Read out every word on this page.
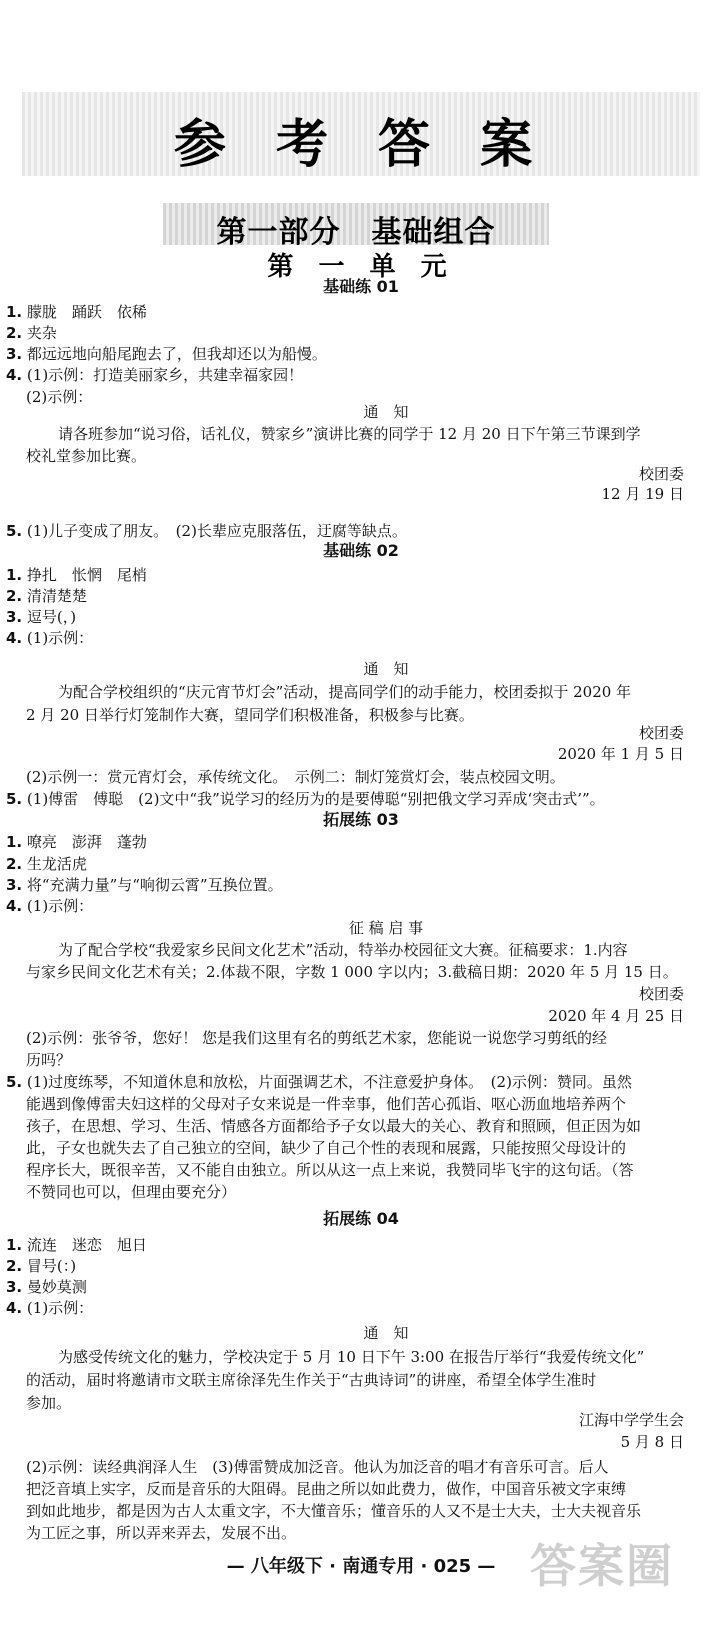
参 考 答 案
第一部分　基础组合
第 一 单 元
基础练 01
1. 朦胧　踊跃　依稀
2. 夹杂
3. 都远远地向船尾跑去了，但我却还以为船慢。
4. (1)示例：打造美丽家乡，共建幸福家园！
(2)示例：
通　知
请各班参加“说习俗，话礼仪，赞家乡”演讲比赛的同学于 12 月 20 日下午第三节课到学
校礼堂参加比赛。
校团委
12 月 19 日
5. (1)儿子变成了朋友。　(2)长辈应克服落伍，迂腐等缺点。
基础练 02
1. 挣扎　怅惘　尾梢
2. 清清楚楚
3. 逗号(，)
4. (1)示例：
通　知
为配合学校组织的“庆元宵节灯会”活动，提高同学们的动手能力，校团委拟于 2020 年
2 月 20 日举行灯笼制作大赛，望同学们积极准备，积极参与比赛。
校团委
2020 年 1 月 5 日
(2)示例一：赏元宵灯会，承传统文化。　示例二：制灯笼赏灯会，装点校园文明。
5. (1)傅雷　傅聪　(2)文中“我”说学习的经历为的是要傅聪“别把俄文学习弄成‘突击式’”。
拓展练 03
1. 嘹亮　澎湃　蓬勃
2. 生龙活虎
3. 将“充满力量”与“响彻云霄”互换位置。
4. (1)示例：
征 稿 启 事
为了配合学校“我爱家乡民间文化艺术”活动，特举办校园征文大赛。征稿要求：1.内容
与家乡民间文化艺术有关；2.体裁不限，字数 1 000 字以内；3.截稿日期：2020 年 5 月 15 日。
校团委
2020 年 4 月 25 日
(2)示例：张爷爷，您好！ 您是我们这里有名的剪纸艺术家，您能说一说您学习剪纸的经
历吗？
5. (1)过度练琴，不知道休息和放松，片面强调艺术，不注意爱护身体。　(2)示例：赞同。虽然
能遇到像傅雷夫妇这样的父母对子女来说是一件幸事，他们苦心孤诣、呕心沥血地培养两个
孩子，在思想、学习、生活、情感各方面都给予子女以最大的关心、教育和照顾，但正因为如
此，子女也就失去了自己独立的空间，缺少了自己个性的表现和展露，只能按照父母设计的
程序长大，既很辛苦，又不能自由独立。所以从这一点上来说，我赞同毕飞宇的这句话。（答
不赞同也可以，但理由要充分）
拓展练 04
1. 流连　迷恋　旭日
2. 冒号(：)
3. 曼妙莫测
4. (1)示例：
通　知
为感受传统文化的魅力，学校决定于 5 月 10 日下午 3:00 在报告厅举行“我爱传统文化”
的活动，届时将邀请市文联主席徐泽先生作关于“古典诗词”的讲座，希望全体学生准时
参加。
江海中学学生会
5 月 8 日
(2)示例：读经典润泽人生　(3)傅雷赞成加泛音。他认为加泛音的唱才有音乐可言。后人
把泛音填上实字，反而是音乐的大阻碍。昆曲之所以如此费力，做作，中国音乐被文字束缚
到如此地步，都是因为古人太重文字，不大懂音乐；懂音乐的人又不是士大夫，士大夫视音乐
为工匠之事，所以弄来弄去，发展不出。
— 八年级下 · 南通专用 · 025 — 答案圈
